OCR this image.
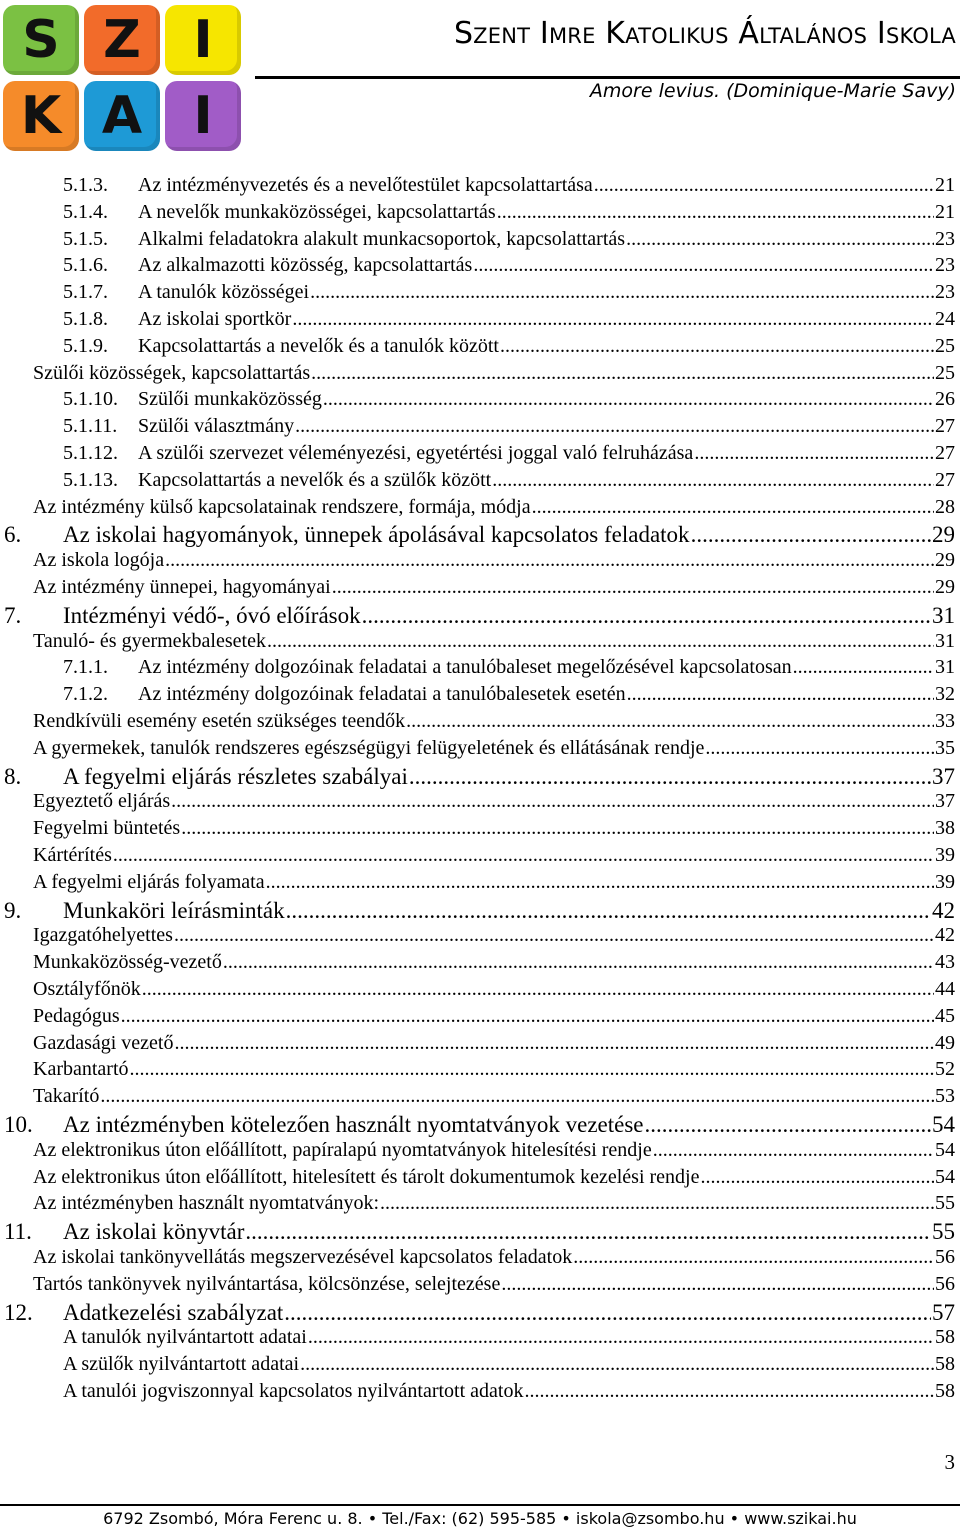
S Z I
K A I
Szent Imre Katolikus Általános Iskola
Amore levius. (Dominique-Marie Savy)
5.1.3.	Az intézményvezetés és a nevelőtestület kapcsolattartása .....	21
5.1.4.	A nevelők munkaközösségei, kapcsolattartás .....	21
5.1.5.	Alkalmi feladatokra alakult munkacsoportok, kapcsolattartás .....	23
5.1.6.	Az alkalmazotti közösség, kapcsolattartás .....	23
5.1.7.	A tanulók közösségei .....	23
5.1.8.	Az iskolai sportkör .....	24
5.1.9.	Kapcsolattartás a nevelők és a tanulók között .....	25
Szülői közösségek, kapcsolattartás .....	25
5.1.10.	Szülői munkaközösség .....	26
5.1.11.	Szülői választmány .....	27
5.1.12.	A szülői szervezet véleményezési, egyetértési joggal való felruházása .....	27
5.1.13.	Kapcsolattartás a nevelők és a szülők között .....	27
Az intézmény külső kapcsolatainak rendszere, formája, módja .....	28
6.	Az iskolai hagyományok, ünnepek ápolásával kapcsolatos feladatok .....	29
Az iskola logója .....	29
Az intézmény ünnepei, hagyományai .....	29
7.	Intézményi védő-, óvó előírások .....	31
Tanuló- és gyermekbalesetek .....	31
7.1.1.	Az intézmény dolgozóinak feladatai a tanulóbaleset megelőzésével kapcsolatosan .....	31
7.1.2.	Az intézmény dolgozóinak feladatai a tanulóbalesetek esetén .....	32
Rendkívüli esemény esetén szükséges teendők .....	33
A gyermekek, tanulók rendszeres egészségügyi felügyeletének és ellátásának rendje .....	35
8.	A fegyelmi eljárás részletes szabályai .....	37
Egyeztető eljárás .....	37
Fegyelmi büntetés .....	38
Kártérítés .....	39
A fegyelmi eljárás folyamata .....	39
9.	Munkaköri leírásminták .....	42
Igazgatóhelyettes .....	42
Munkaközösség-vezető .....	43
Osztályfőnök .....	44
Pedagógus .....	45
Gazdasági vezető .....	49
Karbantartó .....	52
Takarító .....	53
10.	Az intézményben kötelezően használt nyomtatványok vezetése .....	54
Az elektronikus úton előállított, papíralapú nyomtatványok hitelesítési rendje .....	54
Az elektronikus úton előállított, hitelesített és tárolt dokumentumok kezelési rendje .....	54
Az intézményben használt nyomtatványok: .....	55
11.	Az iskolai könyvtár .....	55
Az iskolai tankönyvellátás megszervezésével kapcsolatos feladatok .....	56
Tartós tankönyvek nyilvántartása, kölcsönzése, selejtezése .....	56
12.	Adatkezelési szabályzat .....	57
A tanulók nyilvántartott adatai .....	58
A szülők nyilvántartott adatai .....	58
A tanulói jogviszonnyal kapcsolatos nyilvántartott adatok .....	58
3
6792 Zsombó, Móra Ferenc u. 8. • Tel./Fax: (62) 595-585 • iskola@zsombo.hu • www.szikai.hu
